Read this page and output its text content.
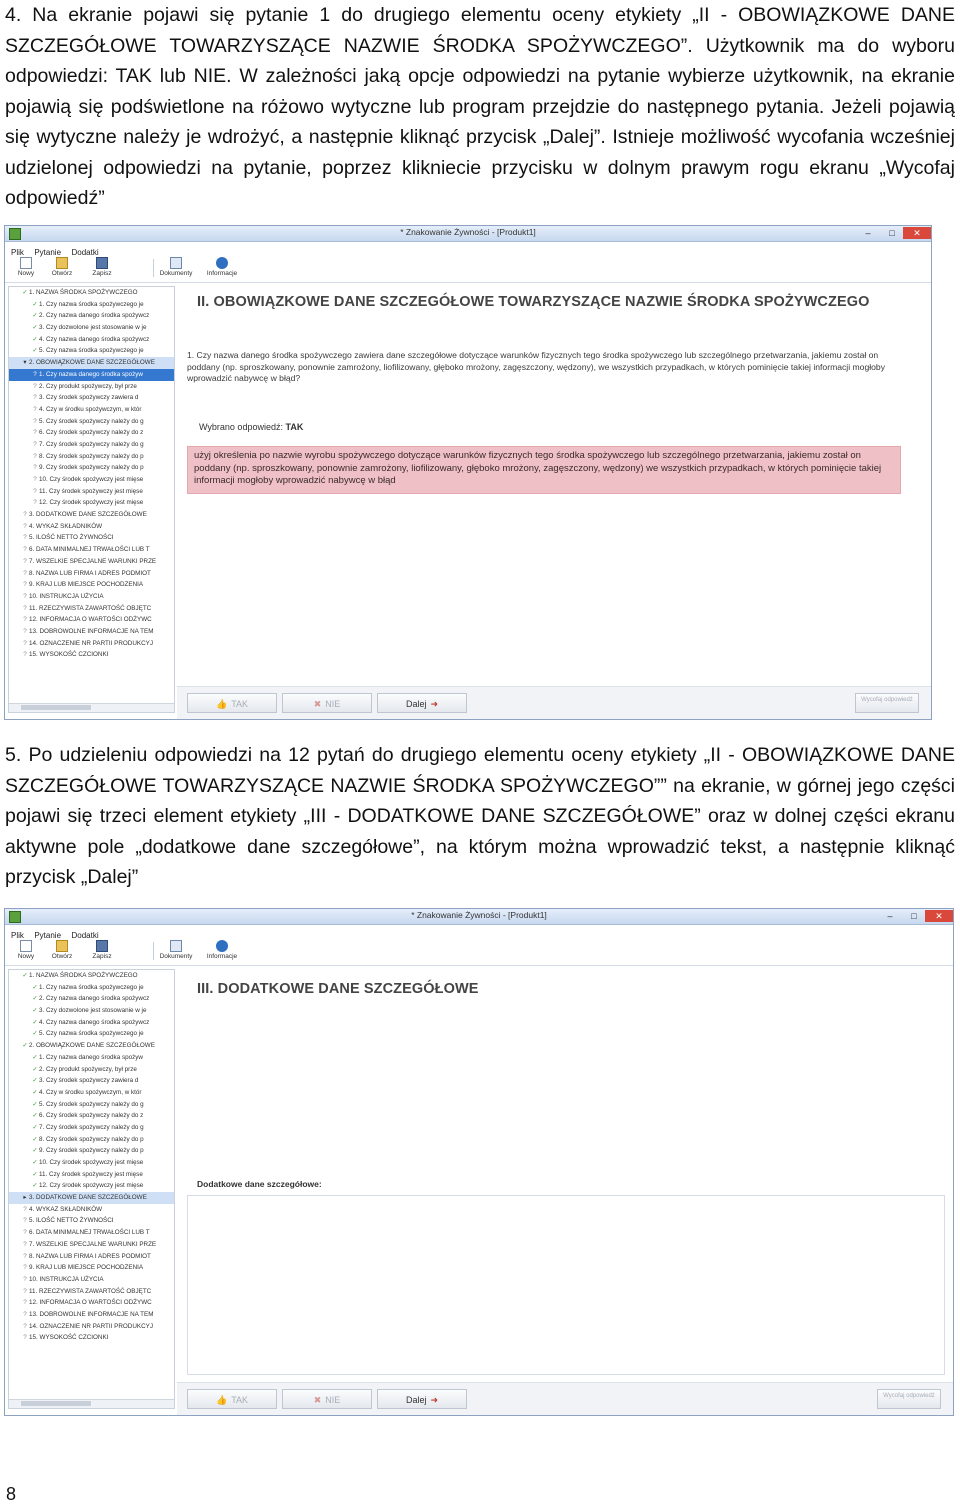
4. Na ekranie pojawi się pytanie 1 do drugiego elementu oceny etykiety „II - OBOWIĄZKOWE DANE SZCZEGÓŁOWE TOWARZYSZĄCE NAZWIE ŚRODKA SPOŻYWCZEGO”. Użytkownik ma do wyboru odpowiedzi: TAK lub NIE. W zależności jaką opcje odpowiedzi na pytanie wybierze użytkownik, na ekranie pojawią się podświetlone na różowo wytyczne lub program przejdzie do następnego pytania. Jeżeli pojawią się wytyczne należy je wdrożyć, a następnie kliknąć przycisk „Dalej”. Istnieje możliwość wycofania wcześniej udzielonej odpowiedzi na pytanie, poprzez klikniecie przycisku w dolnym prawym rogu ekranu „Wycofaj odpowiedź”

* Znakowanie Żywności - [Produkt1]	–	□	✕
Plik Pytanie Dodatki
Nowy	Otwórz	Zapisz	Dokumenty Informacje
✓1. NAZWA ŚRODKA SPOŻYWCZEGO
✓1. Czy nazwa środka spożywczego je
✓2. Czy nazwa danego środka spożywcz
✓3. Czy dozwolone jest stosowanie w je
✓4. Czy nazwa danego środka spożywcz
✓5. Czy nazwa środka spożywczego je
▾ 2. OBOWIĄZKOWE DANE SZCZEGÓŁOWE
? 1. Czy nazwa danego środka spożyw
? 2. Czy produkt spożywczy, był prze
? 3. Czy środek spożywczy zawiera d
? 4. Czy w środku spożywczym, w któr
? 5. Czy środek spożywczy należy do g
? 6. Czy środek spożywczy należy do z
? 7. Czy środek spożywczy należy do g
? 8. Czy środek spożywczy należy do p
? 9. Czy środek spożywczy należy do p
? 10. Czy środek spożywczy jest mięse
? 11. Czy środek spożywczy jest mięse
? 12. Czy środek spożywczy jest mięse
? 3. DODATKOWE DANE SZCZEGÓŁOWE
? 4. WYKAZ SKŁADNIKÓW
? 5. ILOŚĆ NETTO ŻYWNOŚCI
? 6. DATA MINIMALNEJ TRWAŁOŚCI LUB T
? 7. WSZELKIE SPECJALNE WARUNKI PRZE
? 8. NAZWA LUB FIRMA I ADRES PODMIOT
? 9. KRAJ LUB MIEJSCE POCHODZENIA
? 10. INSTRUKCJA UŻYCIA
? 11. RZECZYWISTA ZAWARTOŚĆ OBJĘTC
? 12. INFORMACJA O WARTOŚCI ODŻYWC
? 13. DOBROWOLNE INFORMACJE NA TEM
? 14. OZNACZENIE NR PARTII PRODUKCYJ
? 15. WYSOKOŚĆ CZCIONKI
II. OBOWIĄZKOWE DANE SZCZEGÓŁOWE TOWARZYSZĄCE NAZWIE ŚRODKA SPOŻYWCZEGO
1. Czy nazwa danego środka spożywczego zawiera dane szczegółowe dotyczące warunków fizycznych tego środka spożywczego lub szczególnego przetwarzania, jakiemu został on poddany (np. sproszkowany, ponownie zamrożony, liofilizowany, głęboko mrożony, zagęszczony, wędzony), we wszystkich przypadkach, w których pominięcie takiej informacji mogłoby wprowadzić nabywcę w błąd?
Wybrano odpowiedź: TAK
użyj określenia po nazwie wyrobu spożywczego dotyczące warunków fizycznych tego środka spożywczego lub szczególnego przetwarzania, jakiemu został on poddany (np. sproszkowany, ponownie zamrożony, liofilizowany, głęboko mrożony, zagęszczony, wędzony) we wszystkich przypadkach, w których pominięcie takiej informacji mogłoby wprowadzić nabywcę w błąd
👍 TAK	✖ NIE	Dalej ➜	Wycofaj odpowiedź

5. Po udzieleniu odpowiedzi na 12 pytań do drugiego elementu oceny etykiety „II - OBOWIĄZKOWE DANE SZCZEGÓŁOWE TOWARZYSZĄCE NAZWIE ŚRODKA SPOŻYWCZEGO”” na ekranie, w górnej jego części pojawi się trzeci element etykiety „III - DODATKOWE DANE SZCZEGÓŁOWE” oraz w dolnej części ekranu aktywne pole „dodatkowe dane szczegółowe”, na którym można wprowadzić tekst, a następnie kliknąć przycisk „Dalej”

* Znakowanie Żywności - [Produkt1]	–	□	✕
Plik Pytanie Dodatki
Nowy	Otwórz	Zapisz	Dokumenty Informacje
✓1. NAZWA ŚRODKA SPOŻYWCZEGO
✓1. Czy nazwa środka spożywczego je
✓2. Czy nazwa danego środka spożywcz
✓3. Czy dozwolone jest stosowanie w je
✓4. Czy nazwa danego środka spożywcz
✓5. Czy nazwa środka spożywczego je
✓2. OBOWIĄZKOWE DANE SZCZEGÓŁOWE
✓1. Czy nazwa danego środka spożyw
✓2. Czy produkt spożywczy, był prze
✓3. Czy środek spożywczy zawiera d
✓4. Czy w środku spożywczym, w któr
✓5. Czy środek spożywczy należy do g
✓6. Czy środek spożywczy należy do z
✓7. Czy środek spożywczy należy do g
✓8. Czy środek spożywczy należy do p
✓9. Czy środek spożywczy należy do p
✓10. Czy środek spożywczy jest mięse
✓11. Czy środek spożywczy jest mięse
✓12. Czy środek spożywczy jest mięse
▸ 3. DODATKOWE DANE SZCZEGÓŁOWE
? 4. WYKAZ SKŁADNIKÓW
? 5. ILOŚĆ NETTO ŻYWNOŚCI
? 6. DATA MINIMALNEJ TRWAŁOŚCI LUB T
? 7. WSZELKIE SPECJALNE WARUNKI PRZE
? 8. NAZWA LUB FIRMA I ADRES PODMIOT
? 9. KRAJ LUB MIEJSCE POCHODZENIA
? 10. INSTRUKCJA UŻYCIA
? 11. RZECZYWISTA ZAWARTOŚĆ OBJĘTC
? 12. INFORMACJA O WARTOŚCI ODŻYWC
? 13. DOBROWOLNE INFORMACJE NA TEM
? 14. OZNACZENIE NR PARTII PRODUKCYJ
? 15. WYSOKOŚĆ CZCIONKI
III. DODATKOWE DANE SZCZEGÓŁOWE
Dodatkowe dane szczegółowe:
👍 TAK	✖ NIE	Dalej ➜	Wycofaj odpowiedź
8
